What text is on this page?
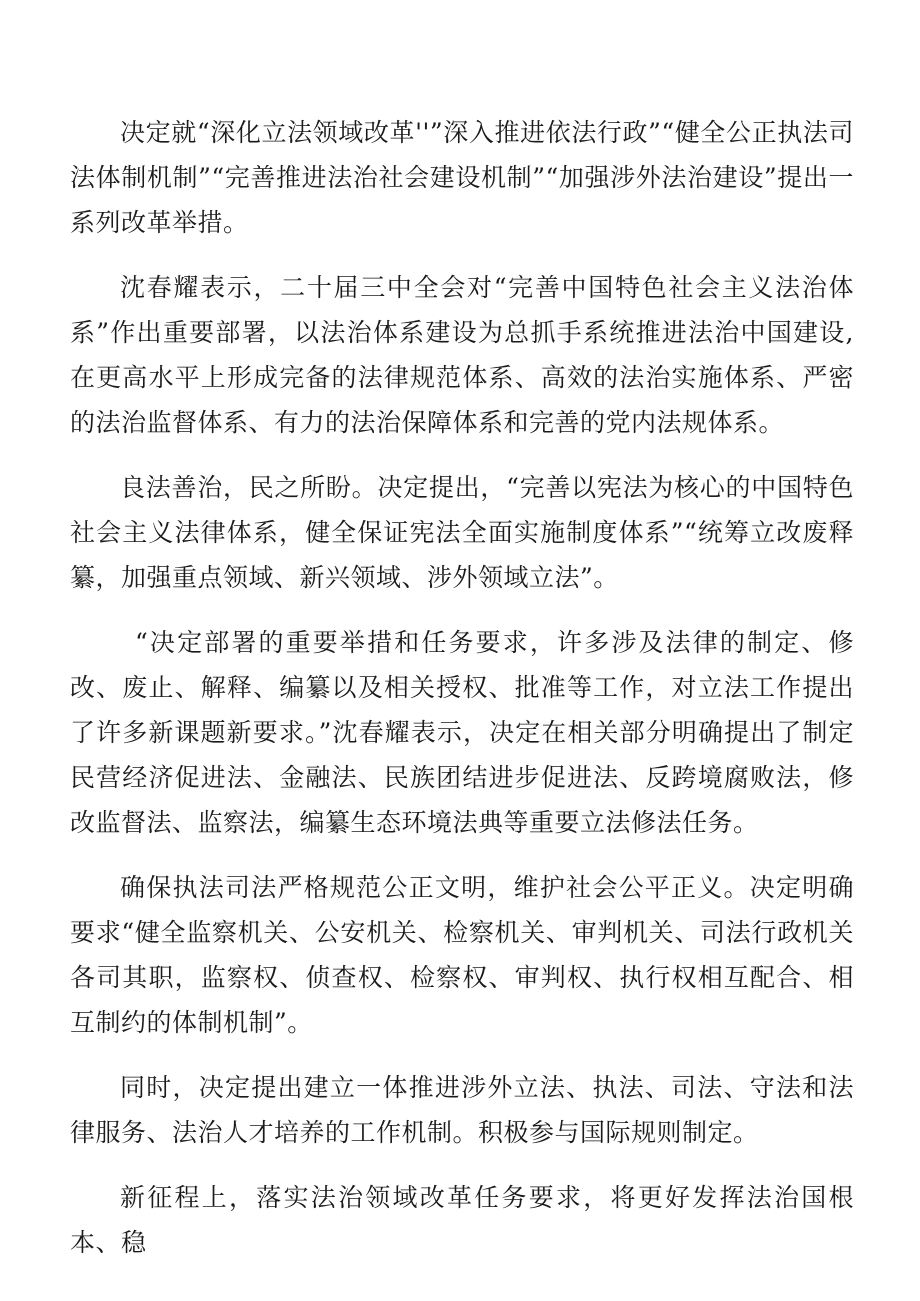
决定就“深化立法领域改革''”深入推进依法行政”“健全公正执法司法体制机制”“完善推进法治社会建设机制”“加强涉外法治建设”提出一系列改革举措。

沈春耀表示，二十届三中全会对“完善中国特色社会主义法治体系”作出重要部署，以法治体系建设为总抓手系统推进法治中国建设,在更高水平上形成完备的法律规范体系、高效的法治实施体系、严密的法治监督体系、有力的法治保障体系和完善的党内法规体系。

良法善治，民之所盼。决定提出，“完善以宪法为核心的中国特色社会主义法律体系，健全保证宪法全面实施制度体系”“统筹立改废释纂，加强重点领域、新兴领域、涉外领域立法”。

“决定部署的重要举措和任务要求，许多涉及法律的制定、修改、废止、解释、编纂以及相关授权、批准等工作，对立法工作提出了许多新课题新要求。”沈春耀表示，决定在相关部分明确提出了制定民营经济促进法、金融法、民族团结进步促进法、反跨境腐败法，修改监督法、监察法，编纂生态环境法典等重要立法修法任务。

确保执法司法严格规范公正文明，维护社会公平正义。决定明确要求“健全监察机关、公安机关、检察机关、审判机关、司法行政机关各司其职，监察权、侦查权、检察权、审判权、执行权相互配合、相互制约的体制机制”。

同时，决定提出建立一体推进涉外立法、执法、司法、守法和法律服务、法治人才培养的工作机制。积极参与国际规则制定。

新征程上，落实法治领域改革任务要求，将更好发挥法治国根本、稳
